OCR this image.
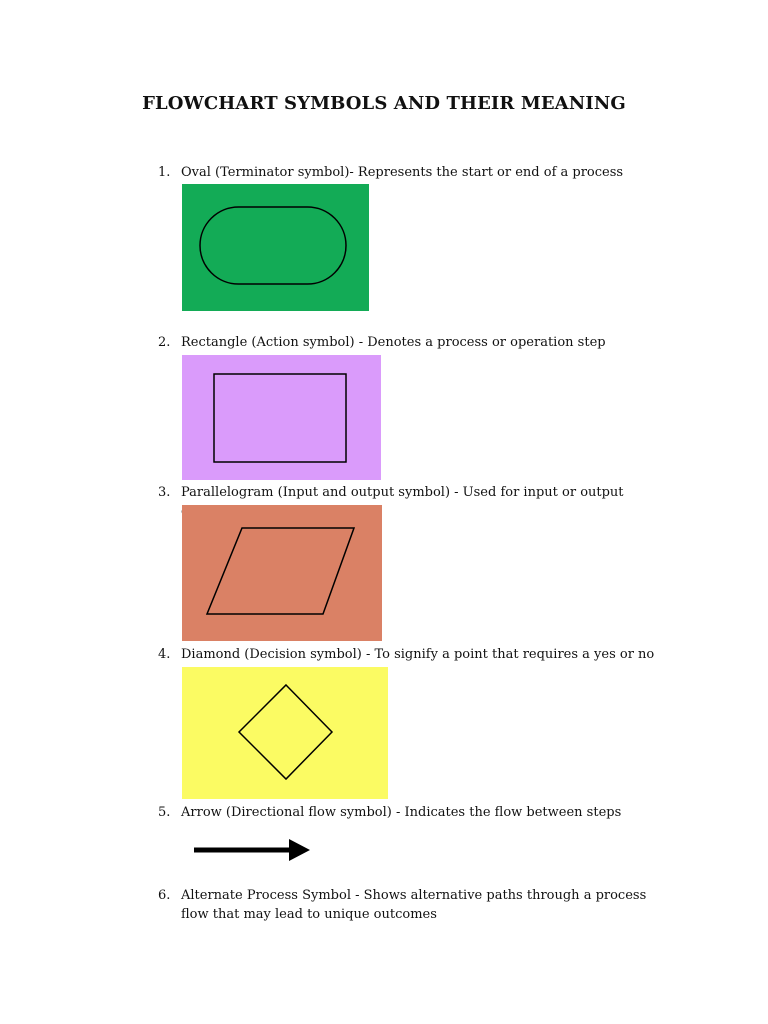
FLOWCHART SYMBOLS AND THEIR MEANING
1. Oval (Terminator symbol)- Represents the start or end of a process
2. Rectangle (Action symbol) - Denotes a process or operation step
3. Parallelogram (Input and output symbol) - Used for input or output
4. Diamond (Decision symbol) - To signify a point that requires a yes or no
5. Arrow (Directional flow symbol) - Indicates the flow between steps
6. Alternate Process Symbol - Shows alternative paths through a process flow that may lead to unique outcomes
